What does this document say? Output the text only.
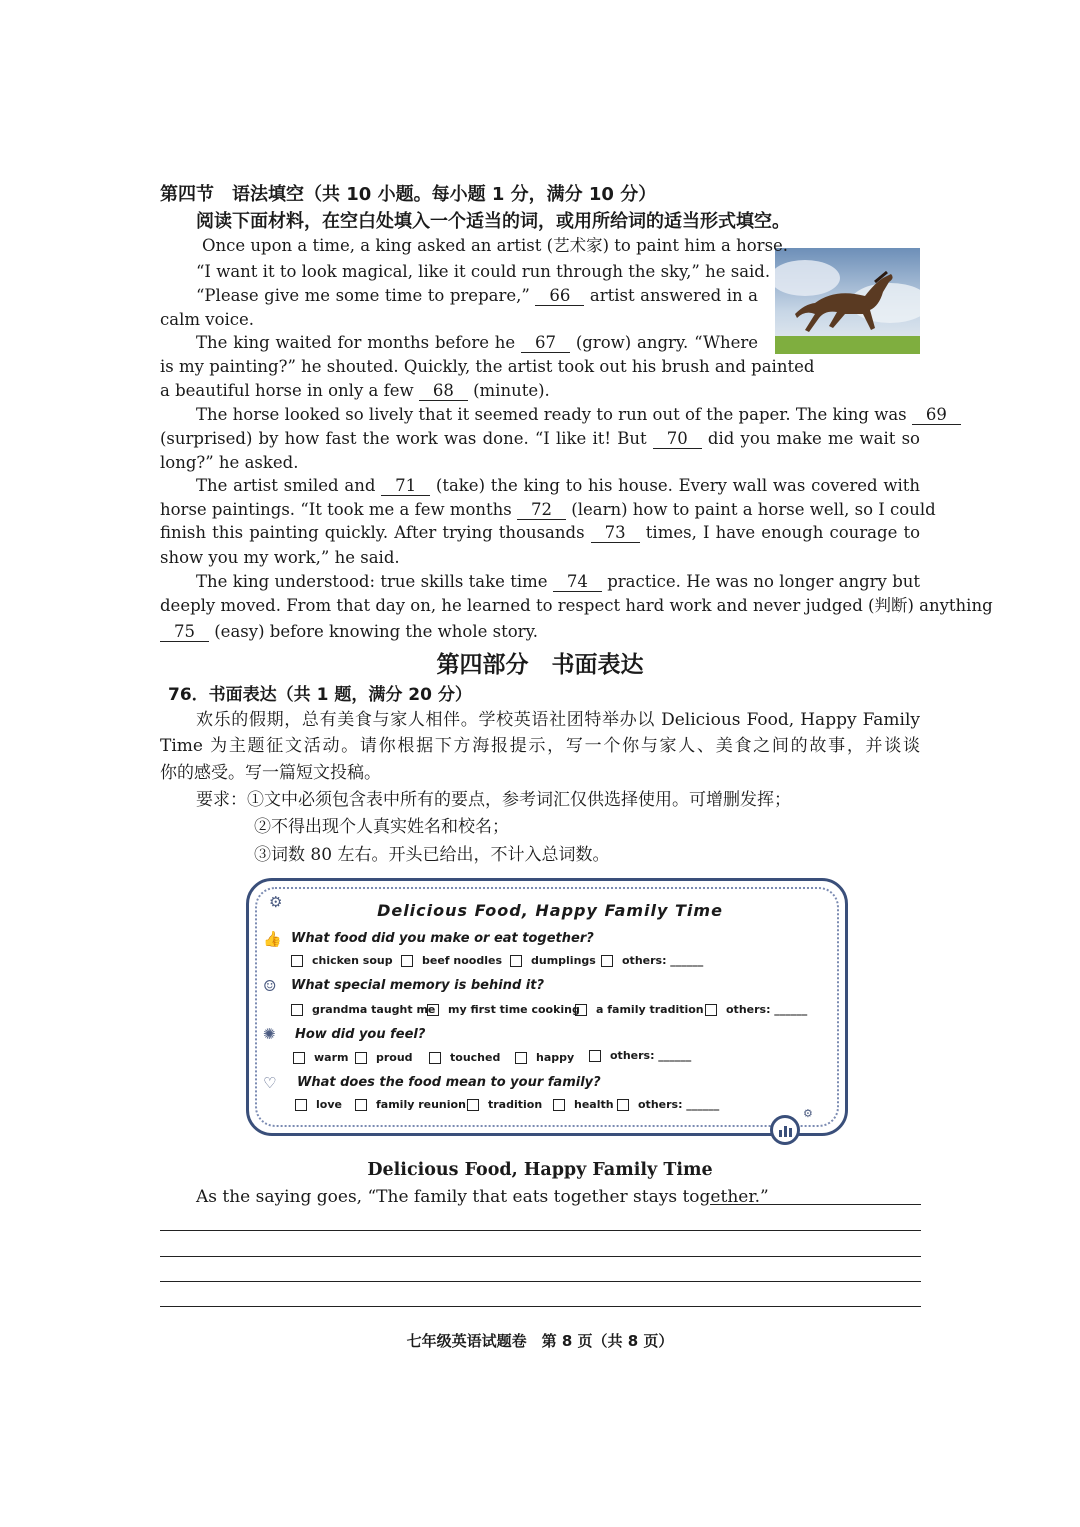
第四节　语法填空（共 10 小题。每小题 1 分，满分 10 分）
阅读下面材料，在空白处填入一个适当的词，或用所给词的适当形式填空。
Once upon a time, a king asked an artist (艺术家) to paint him a horse.
“I want it to look magical, like it could run through the sky,” he said.
“Please give me some time to prepare,” 66 artist answered in a
calm voice.
The king waited for months before he 67 (grow) angry. “Where
is my painting?” he shouted. Quickly, the artist took out his brush and painted
a beautiful horse in only a few 68 (minute).
The horse looked so lively that it seemed ready to run out of the paper. The king was 69
(surprised) by how fast the work was done. “I like it! But 70 did you make me wait so
long?” he asked.
The artist smiled and 71 (take) the king to his house. Every wall was covered with
horse paintings. “It took me a few months 72 (learn) how to paint a horse well, so I could
finish this painting quickly. After trying thousands 73 times, I have enough courage to
show you my work,” he said.
The king understood: true skills take time 74 practice. He was no longer angry but
deeply moved. From that day on, he learned to respect hard work and never judged (判断) anything
75 (easy) before knowing the whole story.
第四部分　书面表达
76．书面表达（共 1 题，满分 20 分）
欢乐的假期，总有美食与家人相伴。学校英语社团特举办以 Delicious Food, Happy Family
Time 为主题征文活动。请你根据下方海报提示，写一个你与家人、美食之间的故事，并谈谈
你的感受。写一篇短文投稿。
要求：①文中必须包含表中所有的要点，参考词汇仅供选择使用。可增删发挥；
②不得出现个人真实姓名和校名；
③词数 80 左右。开头已给出，不计入总词数。
⚙	Delicious Food, Happy Family Time
👍 What food did you make or eat together?
chicken soup	beef noodles	dumplings others: ______
☺ What special memory is behind it?
grandma taught me my first time cooking a family tradition others: ______
✺ How did you feel?
warm	proud	touched	happy	others: ______
♡ What does the food mean to your family?
love	family reunion tradition	health others: ______
⚙
Delicious Food, Happy Family Time
As the saying goes, “The family that eats together stays together.”
七年级英语试题卷　第 8 页（共 8 页）
